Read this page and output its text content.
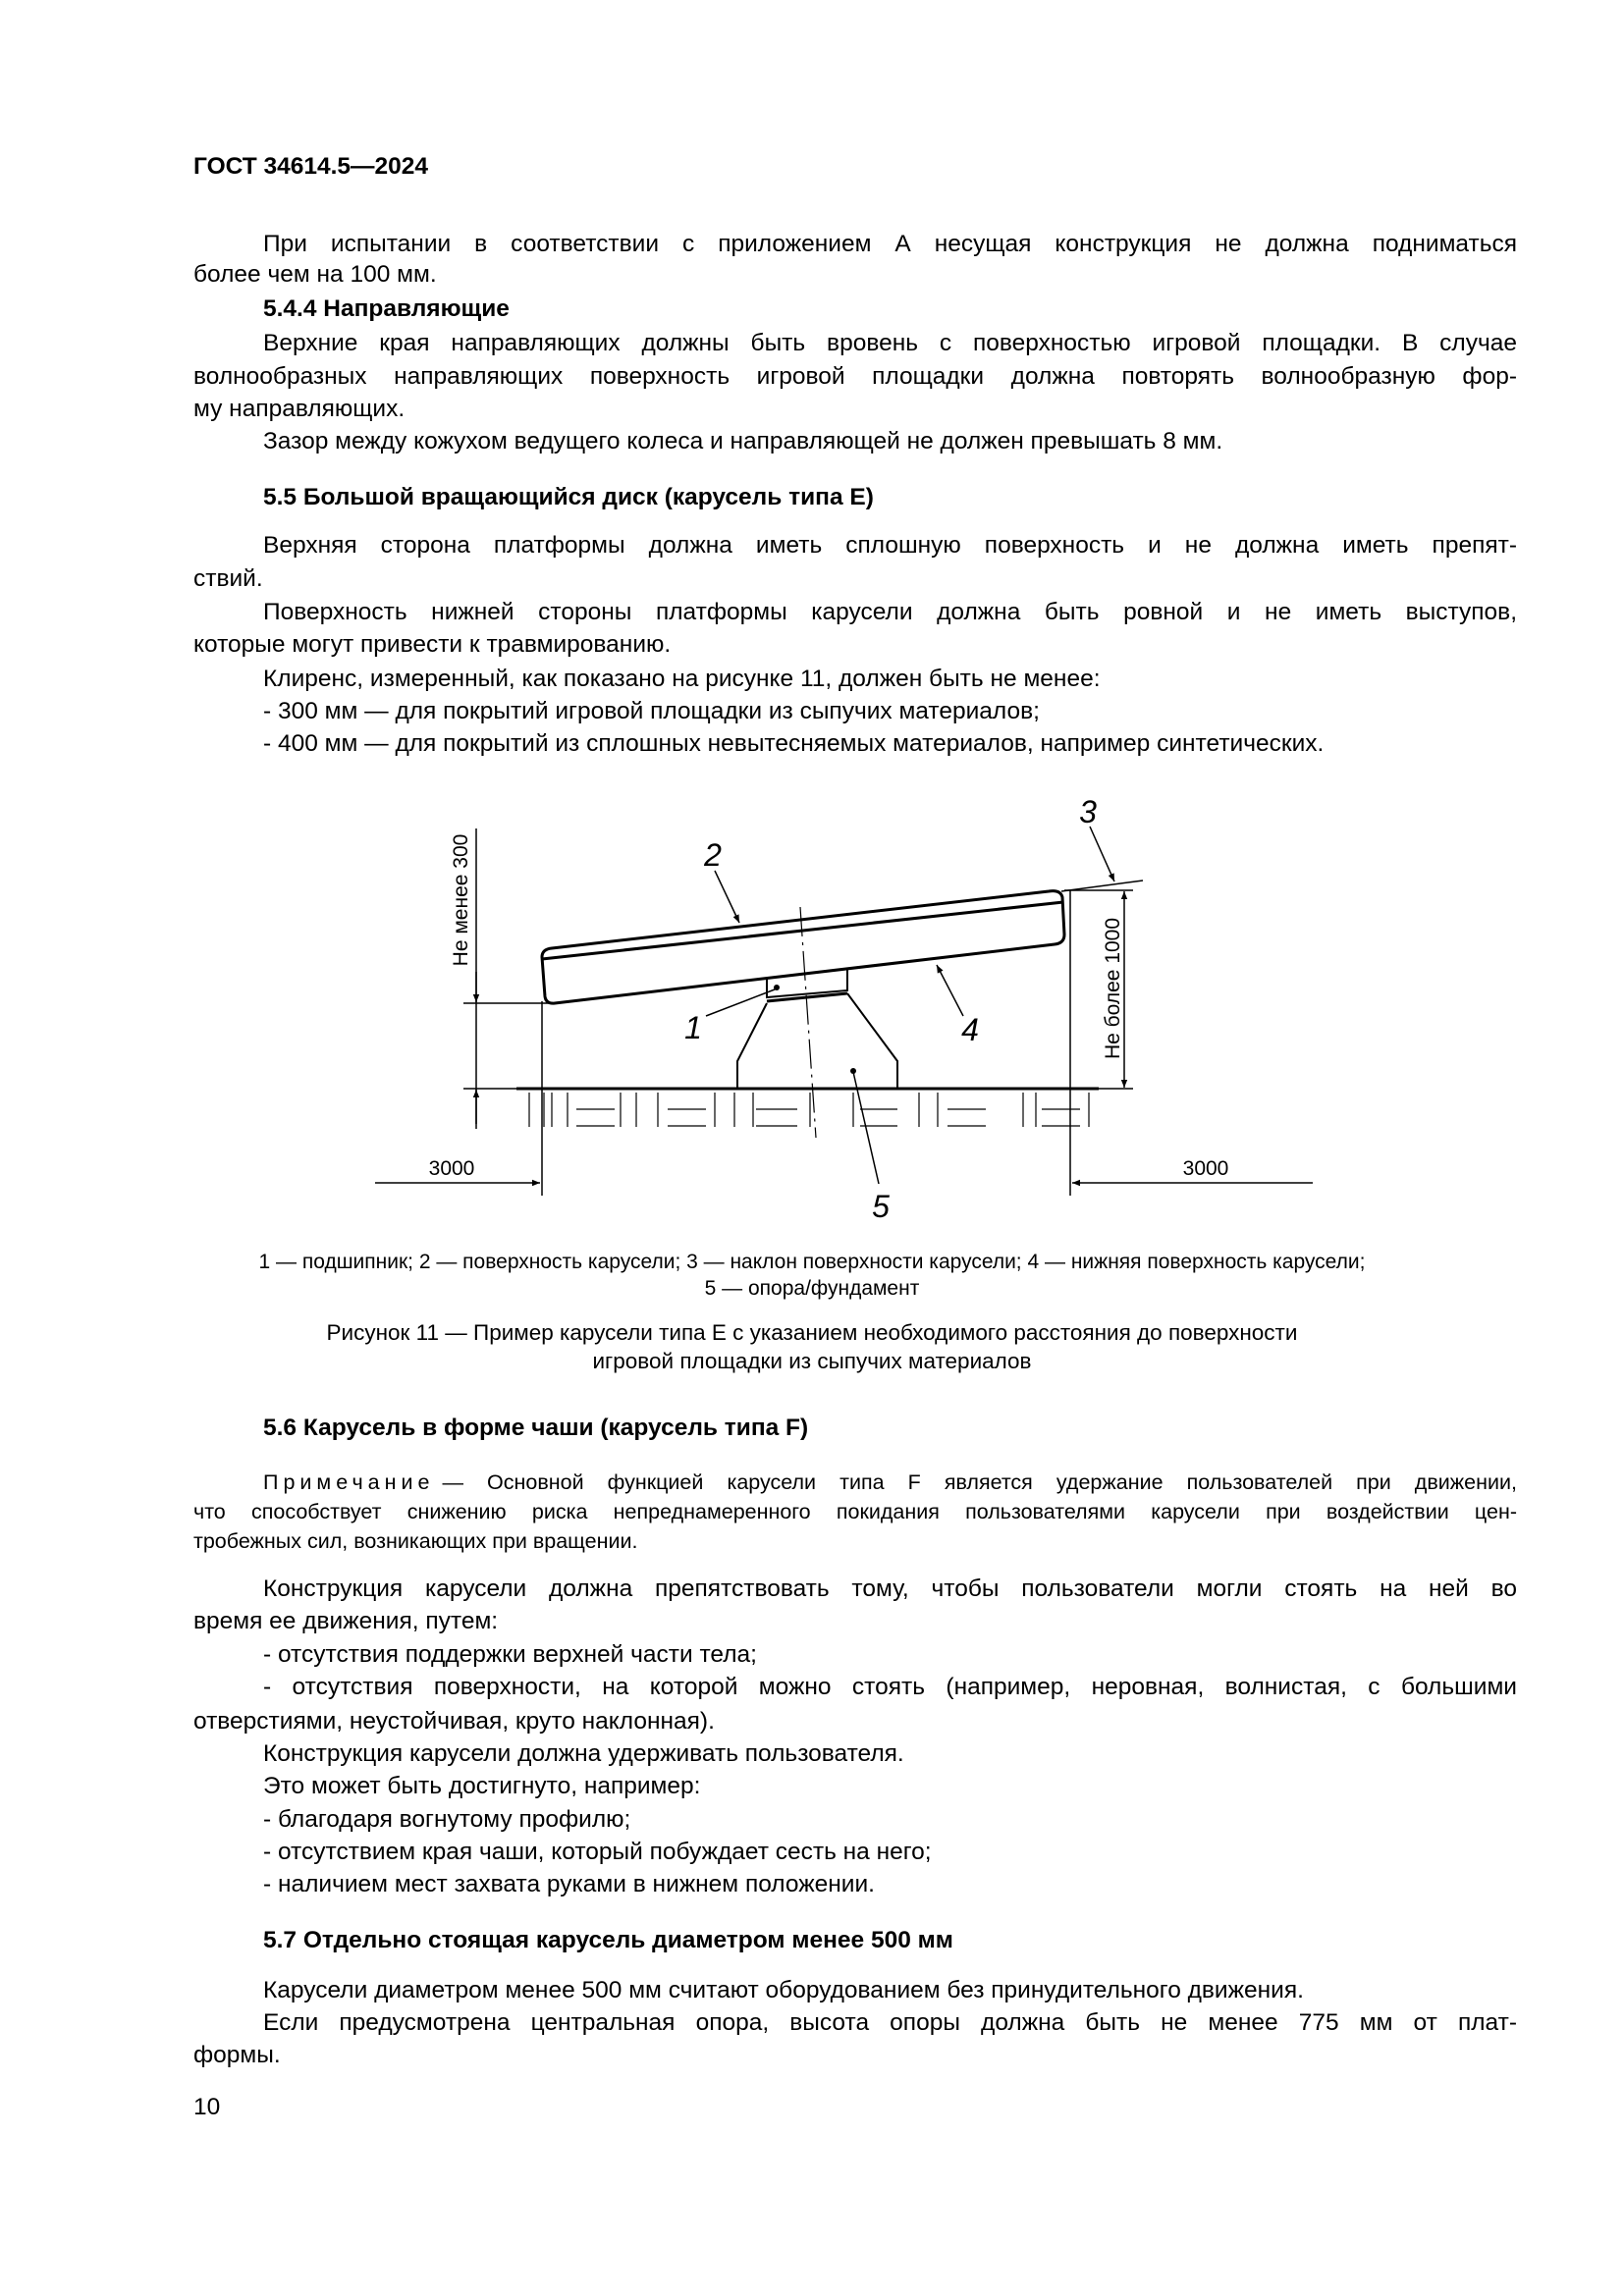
ГОСТ 34614.5—2024
При испытании в соответствии с приложением А несущая конструкция не должна подниматься
более чем на 100 мм.
5.4.4 Направляющие
Верхние края направляющих должны быть вровень с поверхностью игровой площадки. В случае
волнообразных направляющих поверхность игровой площадки должна повторять волнообразную фор-
му направляющих.
Зазор между кожухом ведущего колеса и направляющей не должен превышать 8 мм.
5.5 Большой вращающийся диск (карусель типа Е)
Верхняя сторона платформы должна иметь сплошную поверхность и не должна иметь препят-
ствий.
Поверхность нижней стороны платформы карусели должна быть ровной и не иметь выступов,
которые могут привести к травмированию.
Клиренс, измеренный, как показано на рисунке 11, должен быть не менее:
- 300 мм — для покрытий игровой площадки из сыпучих материалов;
- 400 мм — для покрытий из сплошных невытесняемых материалов, например синтетических.
Не менее 300
Не более 1000
3000	3000
1
2
3
4
5
1 — подшипник; 2 — поверхность карусели; 3 — наклон поверхности карусели; 4 — нижняя поверхность карусели;
5 — опора/фундамент
Рисунок 11 — Пример карусели типа Е с указанием необходимого расстояния до поверхности
игровой площадки из сыпучих материалов
5.6 Карусель в форме чаши (карусель типа F)
Примечание — Основной функцией карусели типа F является удержание пользователей при движении,
что способствует снижению риска непреднамеренного покидания пользователями карусели при воздействии цен-
тробежных сил, возникающих при вращении.
Конструкция карусели должна препятствовать тому, чтобы пользователи могли стоять на ней во
время ее движения, путем:
- отсутствия поддержки верхней части тела;
- отсутствия поверхности, на которой можно стоять (например, неровная, волнистая, с большими
отверстиями, неустойчивая, круто наклонная).
Конструкция карусели должна удерживать пользователя.
Это может быть достигнуто, например:
- благодаря вогнутому профилю;
- отсутствием края чаши, который побуждает сесть на него;
- наличием мест захвата руками в нижнем положении.
5.7 Отдельно стоящая карусель диаметром менее 500 мм
Карусели диаметром менее 500 мм считают оборудованием без принудительного движения.
Если предусмотрена центральная опора, высота опоры должна быть не менее 775 мм от плат-
формы.
10
